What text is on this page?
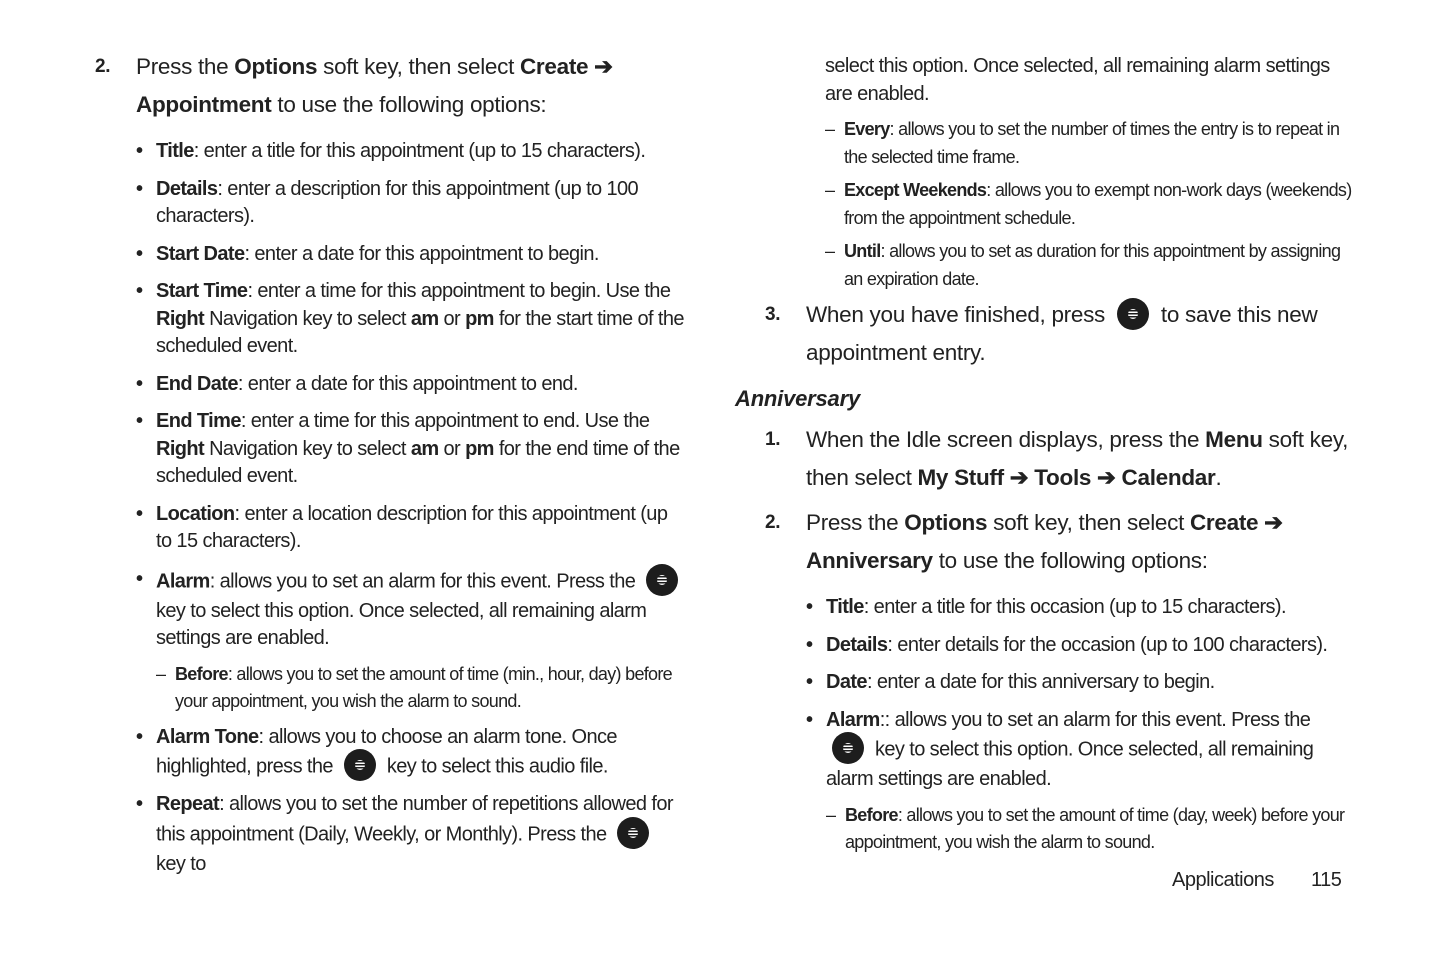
2. Press the Options soft key, then select Create ➔
Appointment to use the following options:
• Title: enter a title for this appointment (up to 15 characters).
• Details: enter a description for this appointment (up to 100 characters).
• Start Date: enter a date for this appointment to begin.
• Start Time: enter a time for this appointment to begin. Use the Right Navigation key to select am or pm for the start time of the scheduled event.
• End Date: enter a date for this appointment to end.
• End Time: enter a time for this appointment to end. Use the Right Navigation key to select am or pm for the end time of the scheduled event.
• Location: enter a location description for this appointment (up to 15 characters).
• Alarm: allows you to set an alarm for this event. Press the  key to select this option. Once selected, all remaining alarm settings are enabled.
– Before: allows you to set the amount of time (min., hour, day) before your appointment, you wish the alarm to sound.
• Alarm Tone: allows you to choose an alarm tone. Once highlighted, press the  key to select this audio file.
• Repeat: allows you to set the number of repetitions allowed for this appointment (Daily, Weekly, or Monthly). Press the  key to
select this option. Once selected, all remaining alarm settings are enabled.
– Every: allows you to set the number of times the entry is to repeat in the selected time frame.
– Except Weekends: allows you to exempt non-work days (weekends) from the appointment schedule.
– Until: allows you to set as duration for this appointment by assigning an expiration date.
3. When you have finished, press  to save this new appointment entry.
Anniversary
1. When the Idle screen displays, press the Menu soft key, then select My Stuff ➔ Tools ➔ Calendar.
2. Press the Options soft key, then select Create ➔
Anniversary to use the following options:
• Title: enter a title for this occasion (up to 15 characters).
• Details: enter details for the occasion (up to 100 characters).
• Date: enter a date for this anniversary to begin.
• Alarm:: allows you to set an alarm for this event. Press the  key to select this option. Once selected, all remaining alarm settings are enabled.
– Before: allows you to set the amount of time (day, week) before your appointment, you wish the alarm to sound.
Applications 115
